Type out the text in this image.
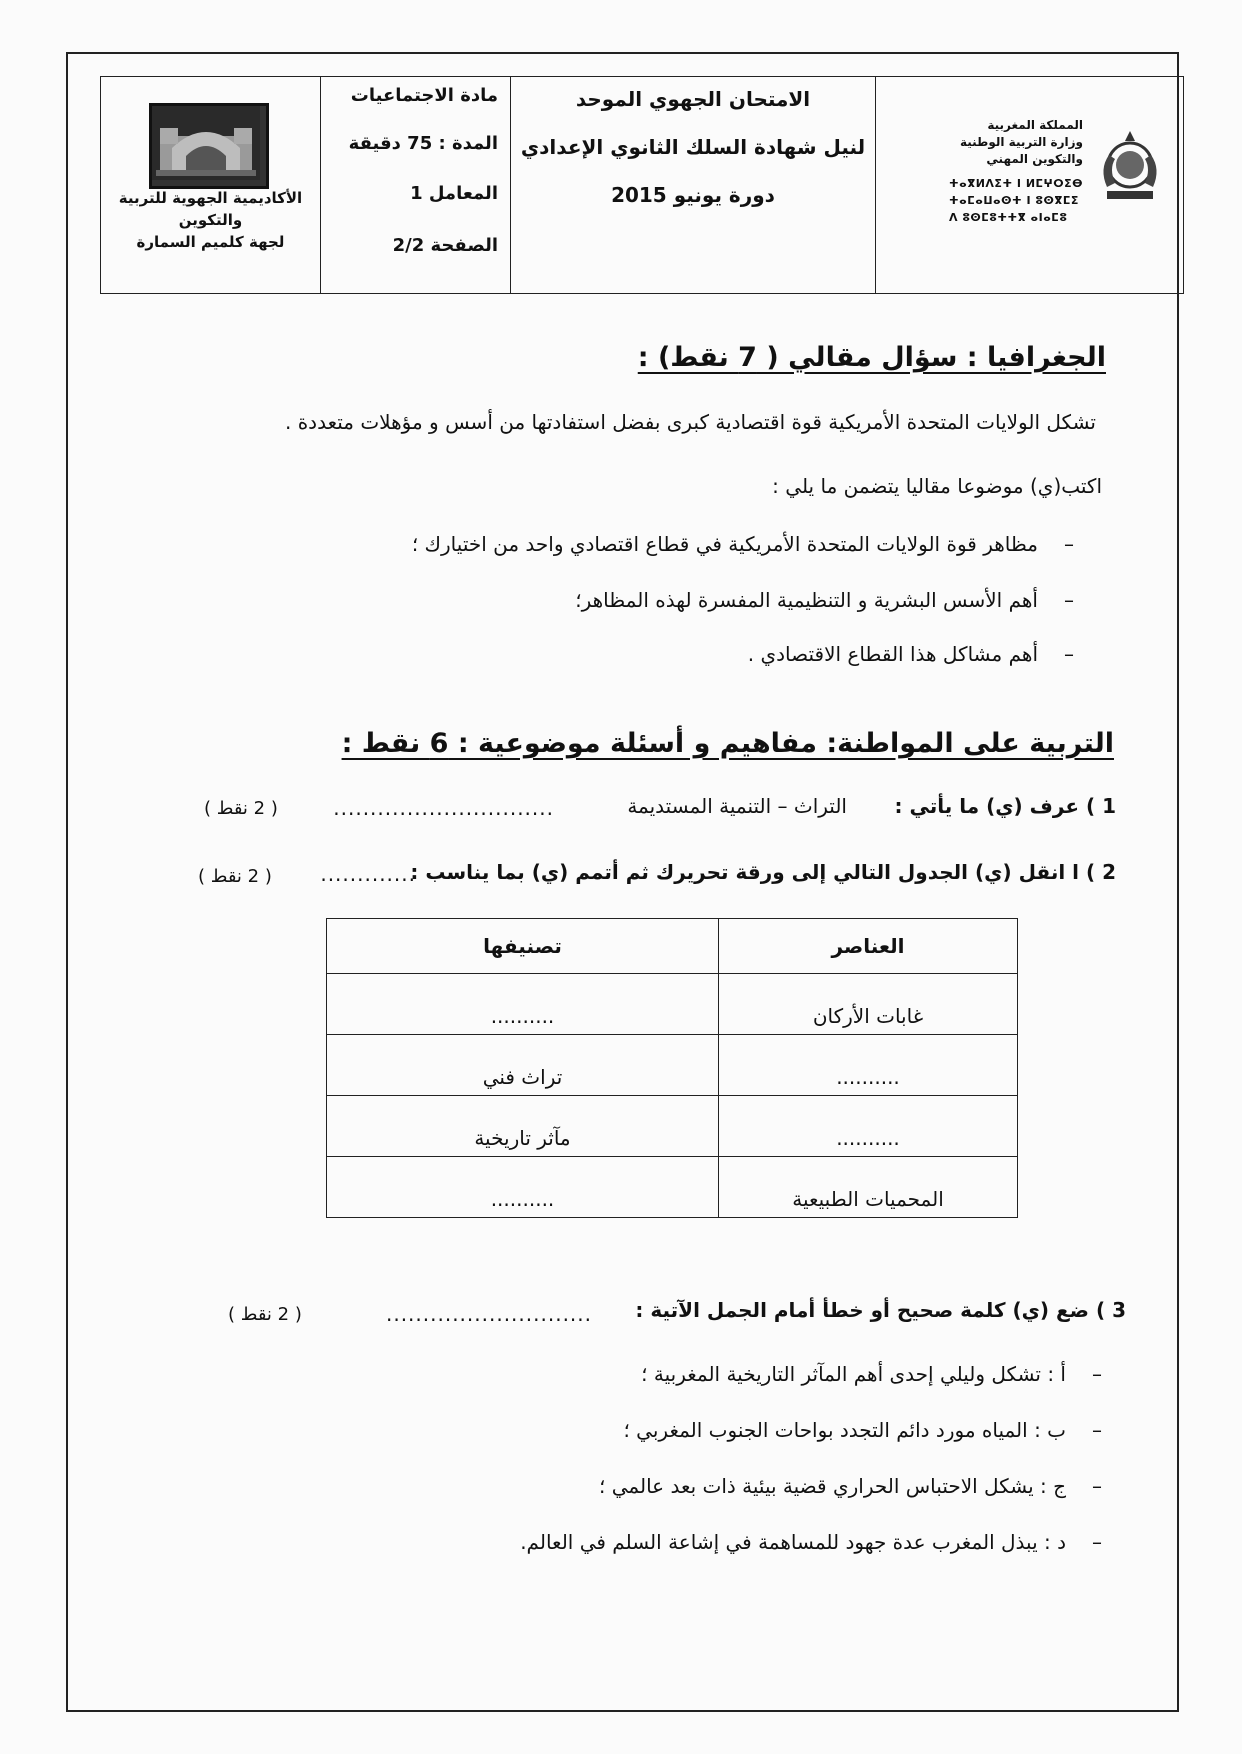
الأكاديمية الجهوية للتربية والتكوين
لجهة كلميم السمارة
مادة الاجتماعيات
المدة : 75 دقيقة
المعامل 1
الصفحة 2/2
الامتحان الجهوي الموحد
لنيل شهادة السلك الثانوي الإعدادي
دورة يونيو 2015
المملكة المغربية
وزارة التربية الوطنية
والتكوين المهني
ⵜⴰⴳⵍⴷⵉⵜ ⵏ ⵍⵎⵖⵔⵉⴱ
ⵜⴰⵎⴰⵡⴰⵙⵜ ⵏ ⵓⵙⴳⵎⵉ
ⴷ ⵓⵙⵎⵓⵜⵜⴳ ⴰⵏⴰⵎⵓ
الجغرافيا : سؤال مقالي ( 7 نقط) :
تشكل الولايات المتحدة الأمريكية قوة اقتصادية كبرى بفضل استفادتها من أسس و مؤهلات متعددة .
اكتب(ي) موضوعا مقاليا يتضمن ما يلي :
–مظاهر قوة الولايات المتحدة الأمريكية في قطاع اقتصادي واحد من اختيارك ؛
–أهم الأسس البشرية و التنظيمية المفسرة لهذه المظاهر؛
–أهم مشاكل هذا القطاع الاقتصادي .
التربية على المواطنة: مفاهيم و أسئلة موضوعية : 6 نقط :
1 ) عرف (ي) ما يأتي :
التراث – التنمية المستديمة
..............................
( 2 نقط )
2 ) ا انقل (ي) الجدول التالي إلى ورقة تحريرك ثم أتمم (ي) بما يناسب :
.............
( 2 نقط )
العناصر	تصنيفها
غابات الأركان	..........
..........	تراث فني
..........	مآثر تاريخية
المحميات الطبيعية	..........
3 ) ضع (ي) كلمة صحيح أو خطأ أمام الجمل الآتية :
............................
( 2 نقط )
–أ : تشكل وليلي إحدى أهم المآثر التاريخية المغربية ؛
–ب : المياه مورد دائم التجدد بواحات الجنوب المغربي ؛
–ج : يشكل الاحتباس الحراري قضية بيئية ذات بعد عالمي ؛
–د : يبذل المغرب عدة جهود للمساهمة في إشاعة السلم في العالم.
